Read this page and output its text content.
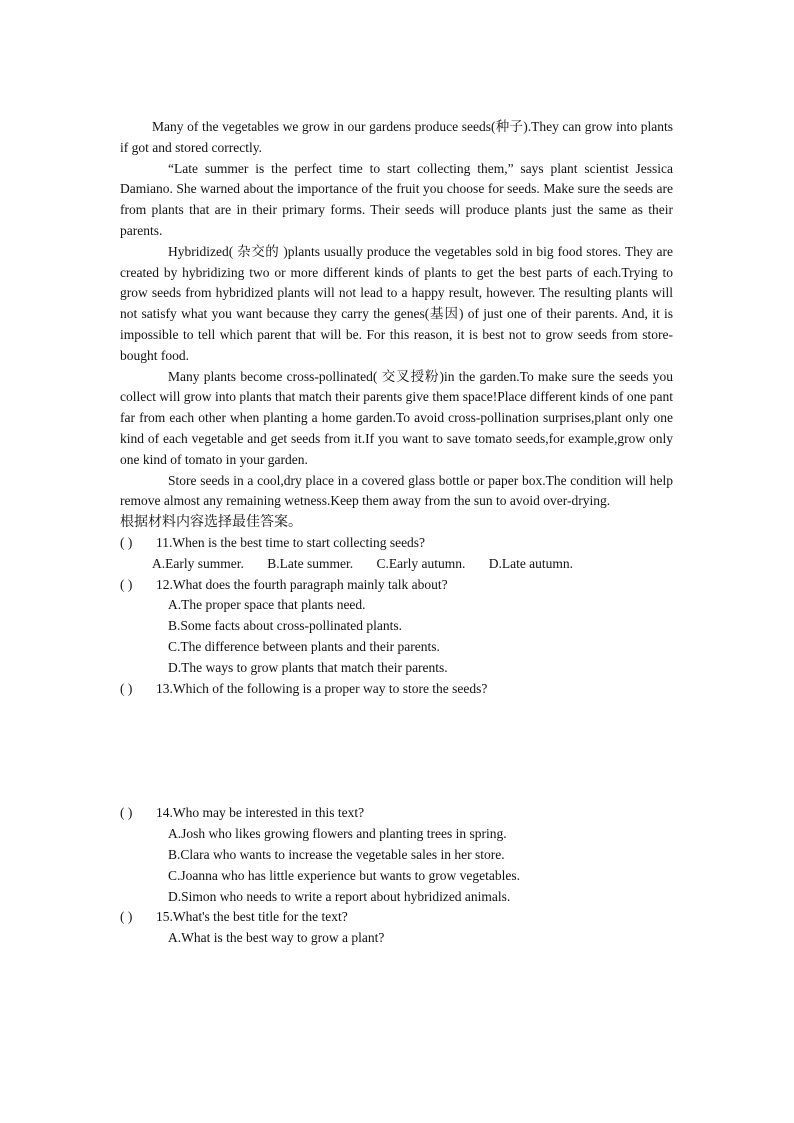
Many of the vegetables we grow in our gardens produce seeds(种子).They can grow into plants if got and stored correctly.

“Late summer is the perfect time to start collecting them,” says plant scientist Jessica Damiano. She warned about the importance of the fruit you choose for seeds. Make sure the seeds are from plants that are in their primary forms. Their seeds will produce plants just the same as their parents.

Hybridized( 杂交的 )plants usually produce the vegetables sold in big food stores. They are created by hybridizing two or more different kinds of plants to get the best parts of each.Trying to grow seeds from hybridized plants will not lead to a happy result, however. The resulting plants will not satisfy what you want because they carry the genes(基因) of just one of their parents. And, it is impossible to tell which parent that will be. For this reason, it is best not to grow seeds from store-bought food.

Many plants become cross-pollinated( 交叉授粉)in the garden.To make sure the seeds you collect will grow into plants that match their parents give them space!Place different kinds of one pant far from each other when planting a home garden.To avoid cross-pollination surprises,plant only one kind of each vegetable and get seeds from it.If you want to save tomato seeds,for example,grow only one kind of tomato in your garden.

Store seeds in a cool,dry place in a covered glass bottle or paper box.The condition will help remove almost any remaining wetness.Keep them away from the sun to avoid over-drying.

根据材料内容选择最佳答案。

( ) 11.When is the best time to start collecting seeds?
A.Early summer. B.Late summer. C.Early autumn. D.Late autumn.
( ) 12.What does the fourth paragraph mainly talk about?
A.The proper space that plants need.
B.Some facts about cross-pollinated plants.
C.The difference between plants and their parents.
D.The ways to grow plants that match their parents.
( ) 13.Which of the following is a proper way to store the seeds?
( ) 14.Who may be interested in this text?
A.Josh who likes growing flowers and planting trees in spring.
B.Clara who wants to increase the vegetable sales in her store.
C.Joanna who has little experience but wants to grow vegetables.
D.Simon who needs to write a report about hybridized animals.
( ) 15.What's the best title for the text?
A.What is the best way to grow a plant?
